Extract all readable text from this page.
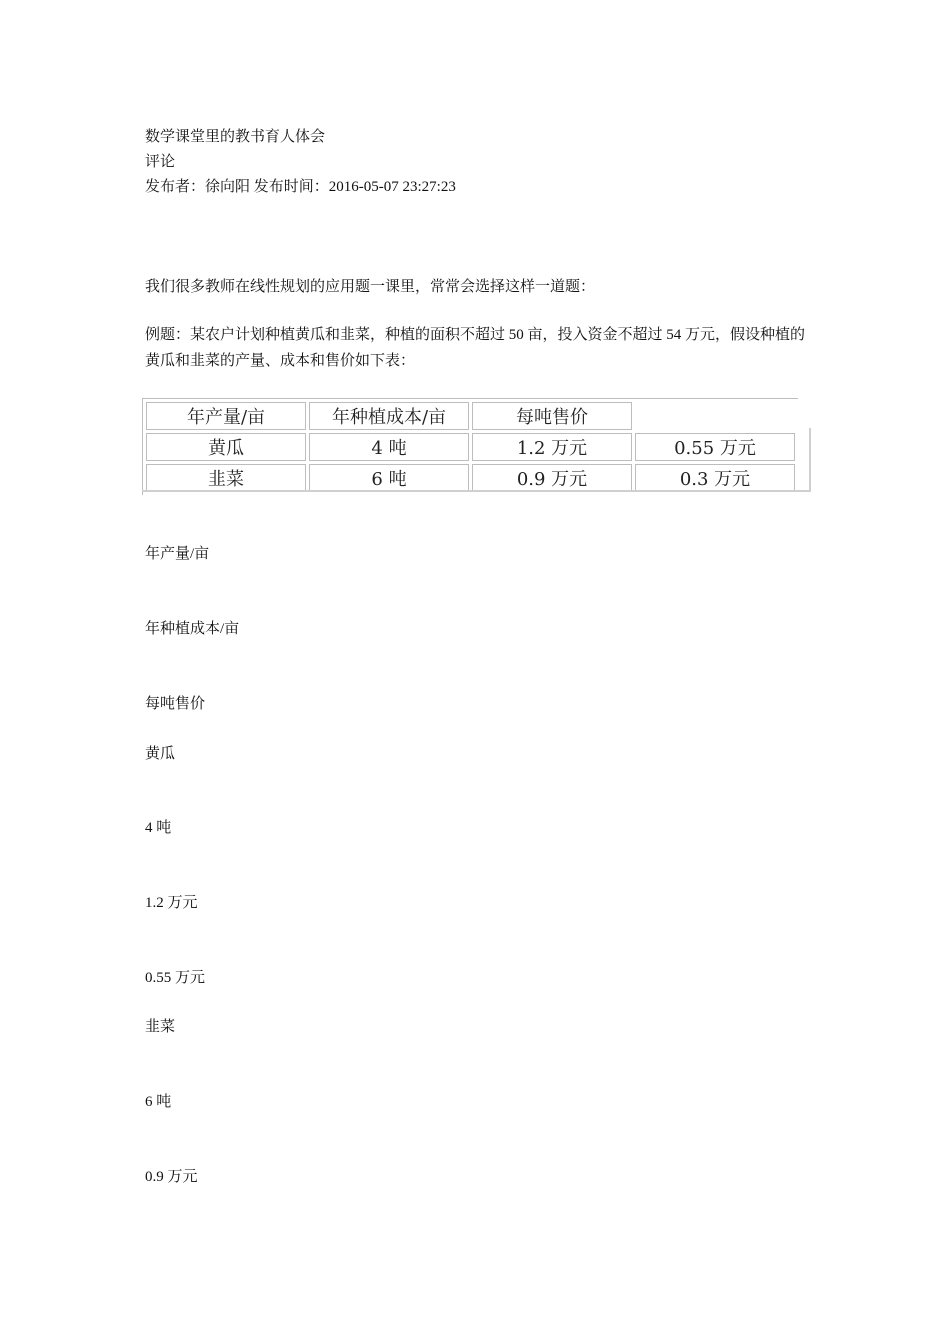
数学课堂里的教书育人体会
评论
发布者：徐向阳 发布时间：2016-05-07 23:27:23
我们很多教师在线性规划的应用题一课里，常常会选择这样一道题：
例题：某农户计划种植黄瓜和韭菜，种植的面积不超过 50 亩，投入资金不超过 54 万元，假设种植的黄瓜和韭菜的产量、成本和售价如下表：
年产量/亩	年种植成本/亩	每吨售价	
黄瓜	4 吨	1.2 万元	0.55 万元
韭菜	6 吨	0.9 万元	0.3 万元
年产量/亩
年种植成本/亩
每吨售价
黄瓜
4 吨
1.2 万元
0.55 万元
韭菜
6 吨
0.9 万元
